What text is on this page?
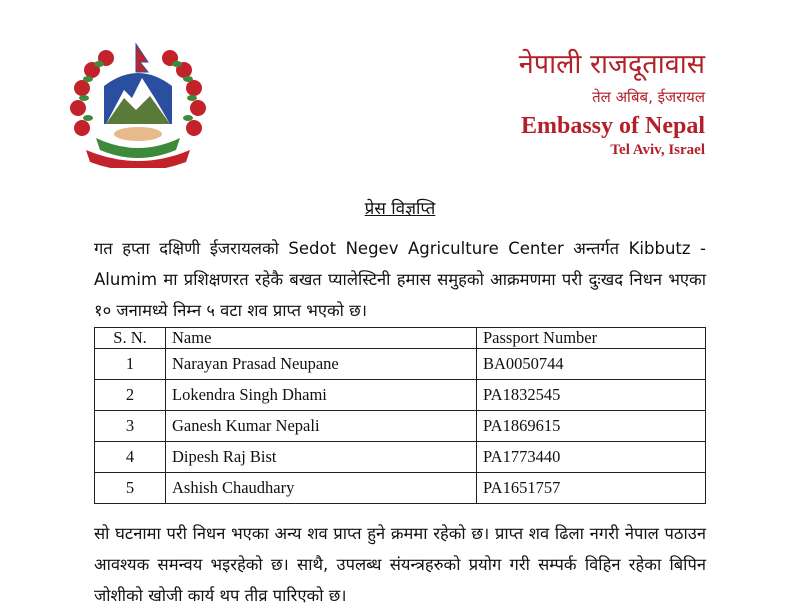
नेपाली राजदूतावास
तेल अबिब, ईजरायल
Embassy of Nepal
Tel Aviv, Israel
प्रेस विज्ञप्ति
गत हप्ता दक्षिणी ईजरायलको Sedot Negev Agriculture Center अन्तर्गत Kibbutz - Alumim मा प्रशिक्षणरत रहेकै बखत प्यालेस्टिनी हमास समुहको आक्रमणमा परी दुःखद निधन भएका १० जनामध्ये निम्न ५ वटा शव प्राप्त भएको छ।
S. N.	Name	Passport Number
1	Narayan Prasad Neupane	BA0050744
2	Lokendra Singh Dhami	PA1832545
3	Ganesh Kumar Nepali	PA1869615
4	Dipesh Raj Bist	PA1773440
5	Ashish Chaudhary	PA1651757
सो घटनामा परी निधन भएका अन्य शव प्राप्त हुने क्रममा रहेको छ। प्राप्त शव ढिला नगरी नेपाल पठाउन आवश्यक समन्वय भइरहेको छ। साथै, उपलब्ध संयन्त्रहरुको प्रयोग गरी सम्पर्क विहिन रहेका बिपिन जोशीको खोजी कार्य थप तीव्र पारिएको छ।
